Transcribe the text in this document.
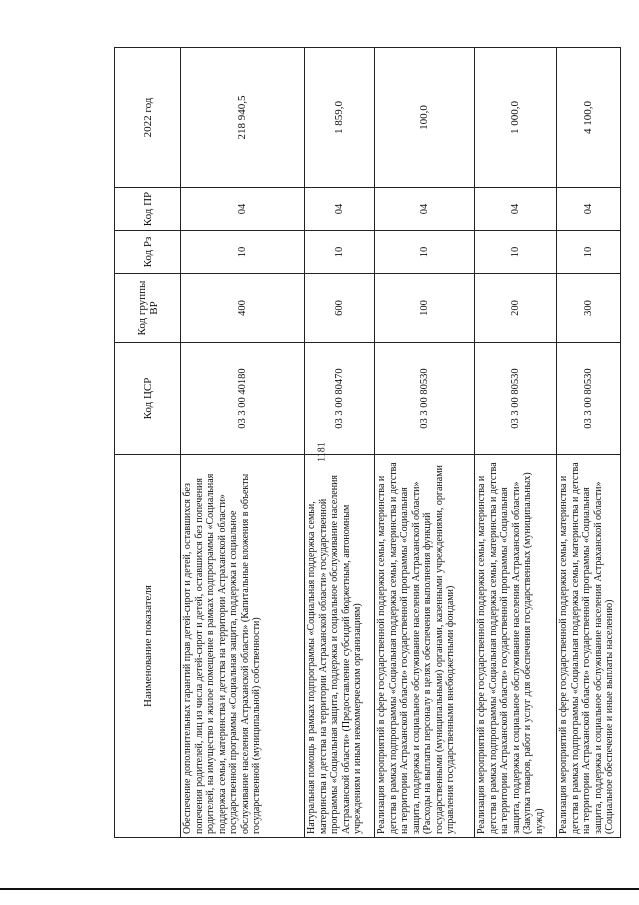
1181
Наименование показателя	Код ЦСР	Код группы ВР	Код Рз	Код ПР	2022 год
Обеспечение дополнительных гарантий прав детей-сирот и детей, оставшихся без попечения родителей, лиц из числа детей-сирот и детей, оставшихся без попечения родителей, на имущество и жилое помещение в рамках подпрограммы «Социальная поддержка семьи, материнства и детства на территории Астраханской области» государственной программы «Социальная защита, поддержка и социальное обслуживание населения Астраханской области» (Капитальные вложения в объекты государственной (муниципальной) собственности)	03 3 00 40180	400	10	04	218 940,5
Натуральная помощь в рамках подпрограммы «Социальная поддержка семьи, материнства и детства на территории Астраханской области» государственной программы «Социальная защита, поддержка и социальное обслуживание населения Астраханской области» (Предоставление субсидий бюджетным, автономным учреждениям и иным некоммерческим организациям)	03 3 00 80470	600	10	04	1 859,0
Реализация мероприятий в сфере государственной поддержки семьи, материнства и детства в рамках подпрограммы «Социальная поддержка семьи, материнства и детства на территории Астраханской области» государственной программы «Социальная защита, поддержка и социальное обслуживание населения Астраханской области» (Расходы на выплаты персоналу в целях обеспечения выполнения функций государственными (муниципальными) органами, казенными учреждениями, органами управления государственными внебюджетными фондами)	03 3 00 80530	100	10	04	100,0
Реализация мероприятий в сфере государственной поддержки семьи, материнства и детства в рамках подпрограммы «Социальная поддержка семьи, материнства и детства на территории Астраханской области» государственной программы «Социальная защита, поддержка и социальное обслуживание населения Астраханской области» (Закупка товаров, работ и услуг для обеспечения государственных (муниципальных) нужд)	03 3 00 80530	200	10	04	1 000,0
Реализация мероприятий в сфере государственной поддержки семьи, материнства и детства в рамках подпрограммы «Социальная поддержка семьи, материнства и детства на территории Астраханской области» государственной программы «Социальная защита, поддержка и социальное обслуживание населения Астраханской области» (Социальное обеспечение и иные выплаты населению)	03 3 00 80530	300	10	04	4 100,0
